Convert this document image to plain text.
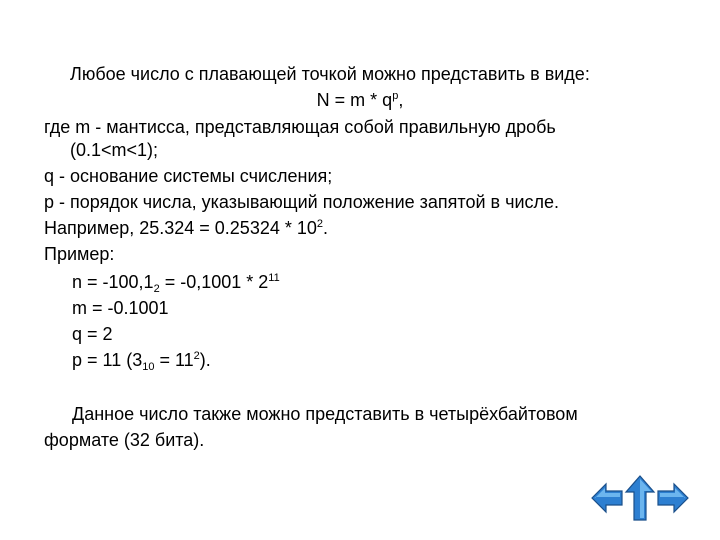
Любое число с плавающей точкой можно представить в виде:
$N = m * q^p$,
где m - мантисса, представляющая собой правильную дробь
(0.1<m<1);
q - основание системы счисления;
p - порядок числа, указывающий положение запятой в числе.
Например, $25.324 = 0.25324 * 10^2$.
Пример:
$n = -100,1_2 = -0,1001 * 2^{11}$
m = -0.1001
q = 2
p = 11 $(3_{10} = 11^2)$.
Данное число также можно представить в четырёхбайтовом
формате (32 бита).
